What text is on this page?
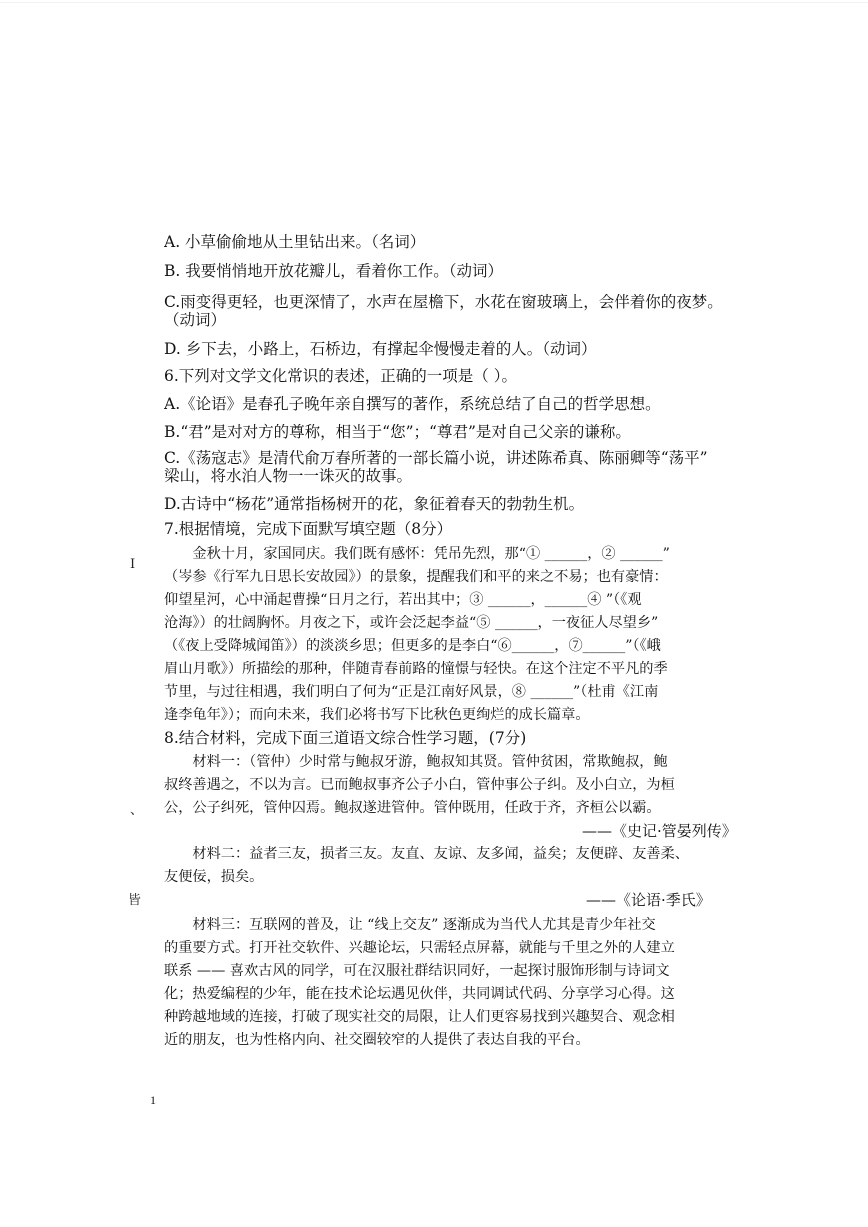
A. 小草偷偷地从土里钻出来。（名词）
B. 我要悄悄地开放花瓣儿，看着你工作。（动词）
C.雨变得更轻，也更深情了，水声在屋檐下，水花在窗玻璃上，会伴着你的夜梦。
（动词）
D. 乡下去，小路上，石桥边，有撑起伞慢慢走着的人。（动词）
6.下列对文学文化常识的表述，正确的一项是（ ）。
A.《论语》是春孔子晚年亲自撰写的著作，系统总结了自己的哲学思想。
B.“君”是对对方的尊称，相当于“您”；“尊君”是对自己父亲的谦称。
C.《荡寇志》是清代俞万春所著的一部长篇小说，讲述陈希真、陈丽卿等“荡平”
梁山，将水泊人物一一诛灭的故事。
D.古诗中“杨花”通常指杨树开的花，象征着春天的勃勃生机。
7.根据情境，完成下面默写填空题（8分）
　　金秋十月，家国同庆。我们既有感怀：凭吊先烈，那“① ______，② ______”
（岑参《行军九日思长安故园》）的景象，提醒我们和平的来之不易；也有豪情：
仰望星河，心中涌起曹操“日月之行，若出其中；③ ______，______④ ”（《观
沧海》）的壮阔胸怀。月夜之下，或许会泛起李益“⑤ ______，一夜征人尽望乡”
（《夜上受降城闻笛》）的淡淡乡思；但更多的是李白“⑥______，⑦______”（《峨
眉山月歌》）所描绘的那种，伴随青春前路的憧憬与轻快。在这个注定不平凡的季
节里，与过往相遇，我们明白了何为“正是江南好风景，⑧ ______”（杜甫《江南
逢李龟年》）；而向未来，我们必将书写下比秋色更绚烂的成长篇章。
8.结合材料，完成下面三道语文综合性学习题，(7分)
　　材料一：（管仲）少时常与鲍叔牙游，鲍叔知其贤。管仲贫困，常欺鲍叔，鲍
叔终善遇之，不以为言。已而鲍叔事齐公子小白，管仲事公子纠。及小白立，为桓
公，公子纠死，管仲囚焉。鲍叔遂进管仲。管仲既用，任政于齐，齐桓公以霸。
——《史记·管晏列传》
　　材料二：益者三友，损者三友。友直、友谅、友多闻，益矣；友便辟、友善柔、
友便佞，损矣。
——《论语·季氏》
　　材料三：互联网的普及，让 “线上交友” 逐渐成为当代人尤其是青少年社交
的重要方式。打开社交软件、兴趣论坛，只需轻点屏幕，就能与千里之外的人建立
联系 —— 喜欢古风的同学，可在汉服社群结识同好，一起探讨服饰形制与诗词文
化；热爱编程的少年，能在技术论坛遇见伙伴，共同调试代码、分享学习心得。这
种跨越地域的连接，打破了现实社交的局限，让人们更容易找到兴趣契合、观念相
近的朋友，也为性格内向、社交圈较窄的人提供了表达自我的平台。
I
、
皆
1
